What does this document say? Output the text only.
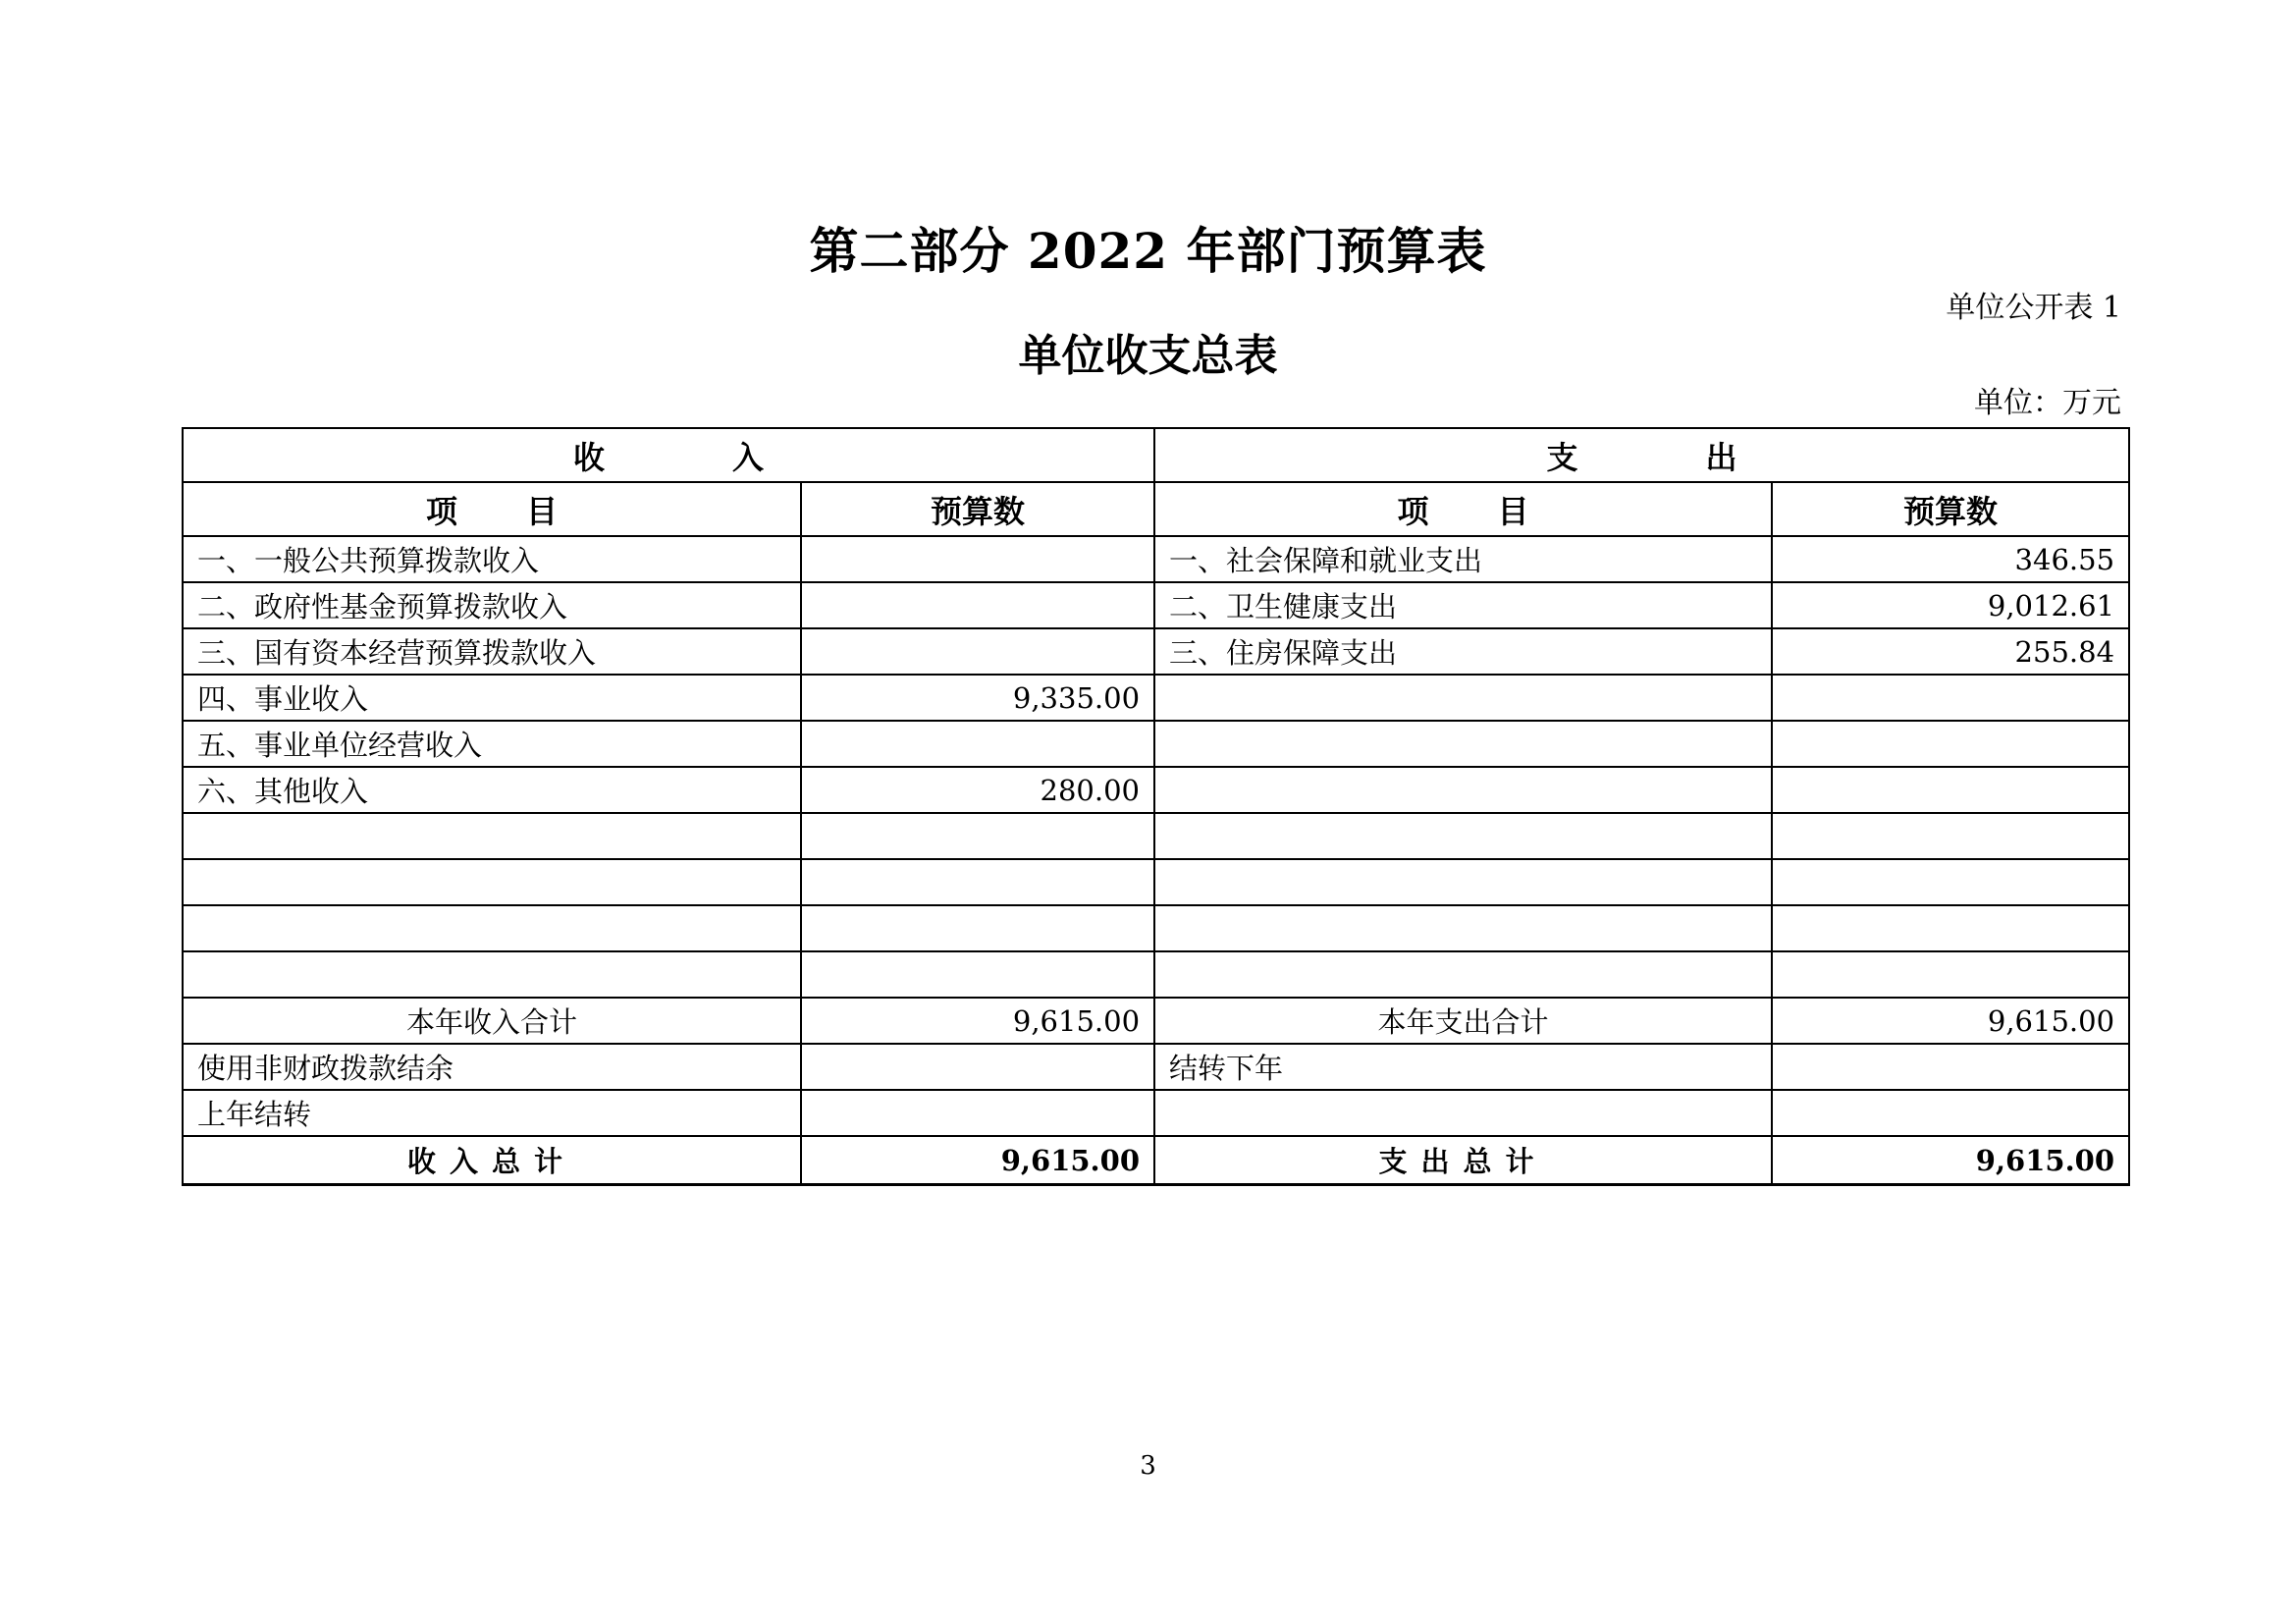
第二部分 2022 年部门预算表
单位公开表 1
单位收支总表
单位：万元
收入		支出	
项目	预算数	项目	预算数
一、一般公共预算拨款收入		一、社会保障和就业支出	346.55
二、政府性基金预算拨款收入		二、卫生健康支出	9,012.61
三、国有资本经营预算拨款收入		三、住房保障支出	255.84
四、事业收入	9,335.00		
五、事业单位经营收入			
六、其他收入	280.00		

本年收入合计	9,615.00	本年支出合计	9,615.00
使用非财政拨款结余		结转下年	
上年结转			
收入总计	9,615.00	支出总计	9,615.00
3
